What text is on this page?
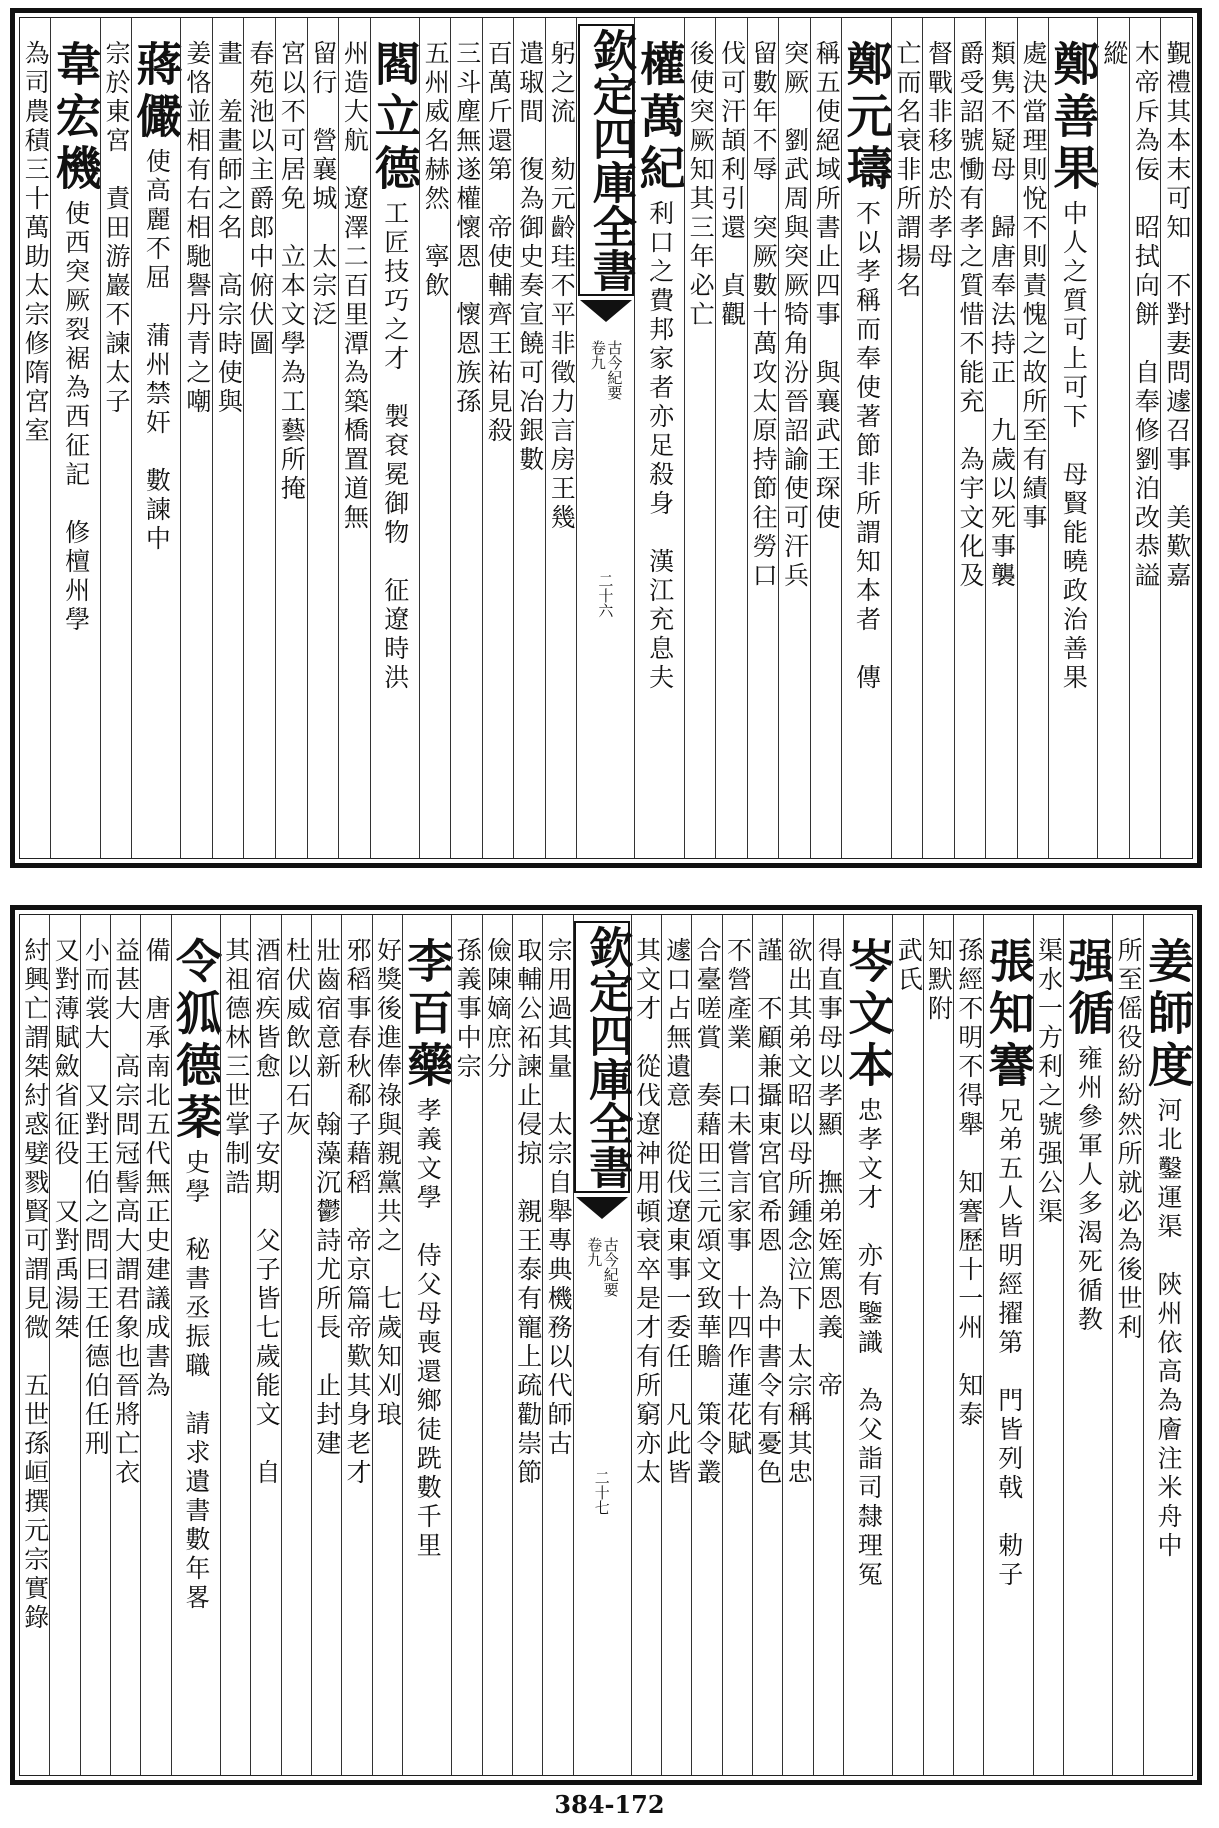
覲禮其本末可知　不對妻問遽召事　美歎嘉
木帝斥為佞　昭拭向餅　自奉修劉泊改恭謚
縱
鄭善果
中人之質可上可下　母賢能曉政治善果
處決當理則悅不則責愧之故所至有績事
類隽不疑母　歸唐奉法持正　九歲以死事襲
爵受詔號慟有孝之質惜不能充　為宇文化及
督戰非移忠於孝母
亡而名衰非所謂揚名
鄭元璹
不以孝稱而奉使著節非所謂知本者　傳
稱五使絕域所書止四事　與襄武王琛使
突厥　劉武周與突厥犄角汾晉詔諭使可汗兵
留數年不辱　突厥數十萬攻太原持節往勞口
伐可汗頡利引還　貞觀
後使突厥知其三年必亡
權萬紀
利口之費邦家者亦足殺身　漢江充息夫
欽定四庫全書
古今紀要
卷九
二十六
躬之流　劾元齡珪不平非徵力言房王幾
遣琡間　復為御史奏宣饒可冶銀數
百萬斤還第　帝使輔齊王祐見殺
三斗塵無遂權懷恩　懷恩族孫
五州威名赫然　寧飲
閻立德
工匠技巧之才　製袞冕御物　征遼時洪
州造大航　遼澤二百里潭為築橋置道無
留行　營襄城　太宗泛
宮以不可居免　立本文學為工藝所掩
春苑池以主爵郎中俯伏圖
畫　羞畫師之名　高宗時使與
姜恪並相有右相馳譽丹青之嘲
蔣儼
使高麗不屈　蒲州禁奸　數諫中
宗於東宮　責田游巖不諫太子
韋宏機
使西突厥裂裾為西征記　修檀州學
為司農積三十萬助太宗修隋宮室
姜師度
河北鑿運渠　陝州依高為廥注米舟中
所至傜役紛紛然所就必為後世利
强循
雍州參軍人多渴死循教
渠水一方利之號强公渠
張知謇
兄弟五人皆明經擢第　門皆列戟　勅子
孫經不明不得舉　知謇歷十一州　知泰
知默附
武氏
岑文本
忠孝文才　亦有鑒識　為父詣司隸理冤
得直事母以孝顯　撫弟姪篤恩義　帝
欲出其弟文昭以母所鍾念泣下　太宗稱其忠
謹　不顧兼攝東宮官希恩　為中書令有憂色
不營產業　口未嘗言家事　十四作蓮花賦
合臺嗟賞　奏藉田三元頌文致華贍　策令叢
遽口占無遺意　從伐遼東事一委任　凡此皆
其文才　從伐遼神用頓衰卒是才有所窮亦太
欽定四庫全書
古今紀要
卷九
二十七
宗用過其量　太宗自舉專典機務以代師古
取輔公祏諫止侵掠　親王泰有寵上疏勸崇節
儉陳嫡庶分
孫義事中宗
李百藥
孝義文學　侍父母喪還鄉徒跣數千里
好獎後進俸祿與親黨共之　七歲知刈琅
邪稻事春秋郗子藉稻　帝京篇帝歎其身老才
壯齒宿意新　翰藻沉鬱詩尤所長　止封建
杜伏威飲以石灰
酒宿疾皆愈　子安期　父子皆七歲能文　自
其祖德林三世掌制誥
令狐德棻
史學　秘書丞振職　請求遺書數年畧
備　唐承南北五代無正史建議成書為
益甚大　高宗問冠髻高大謂君象也晉將亡衣
小而裳大　又對王伯之問曰王任德伯任刑
又對薄賦斂省征役　又對禹湯桀
紂興亡謂桀紂惑嬖戮賢可謂見微　五世孫峘撰元宗實錄
384-172
